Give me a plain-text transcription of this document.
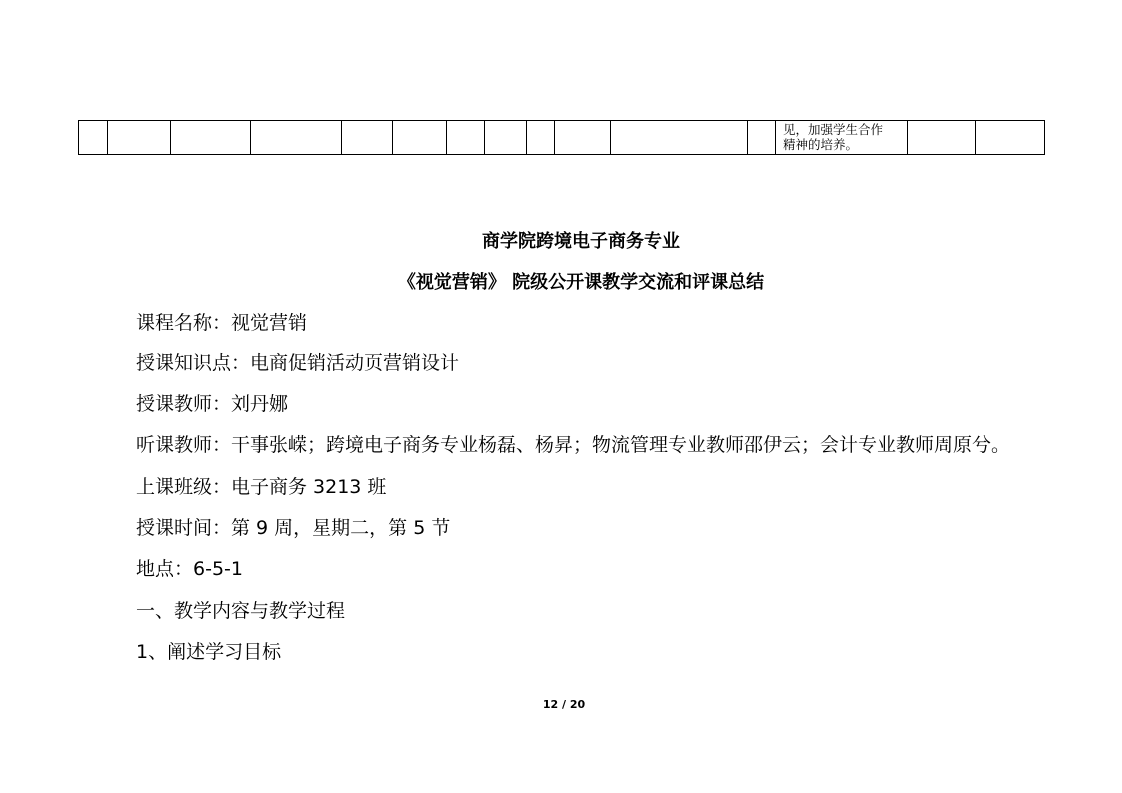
见，加强学生合作
精神的培养。

商学院跨境电子商务专业
《视觉营销》 院级公开课教学交流和评课总结
课程名称：视觉营销
授课知识点：电商促销活动页营销设计
授课教师：刘丹娜
听课教师：干事张嵘；跨境电子商务专业杨磊、杨昇；物流管理专业教师邵伊云；会计专业教师周原兮。
上课班级：电子商务 3213 班
授课时间：第 9 周，星期二，第 5 节
地点：6-5-1
一、教学内容与教学过程
1、阐述学习目标
12 / 20
